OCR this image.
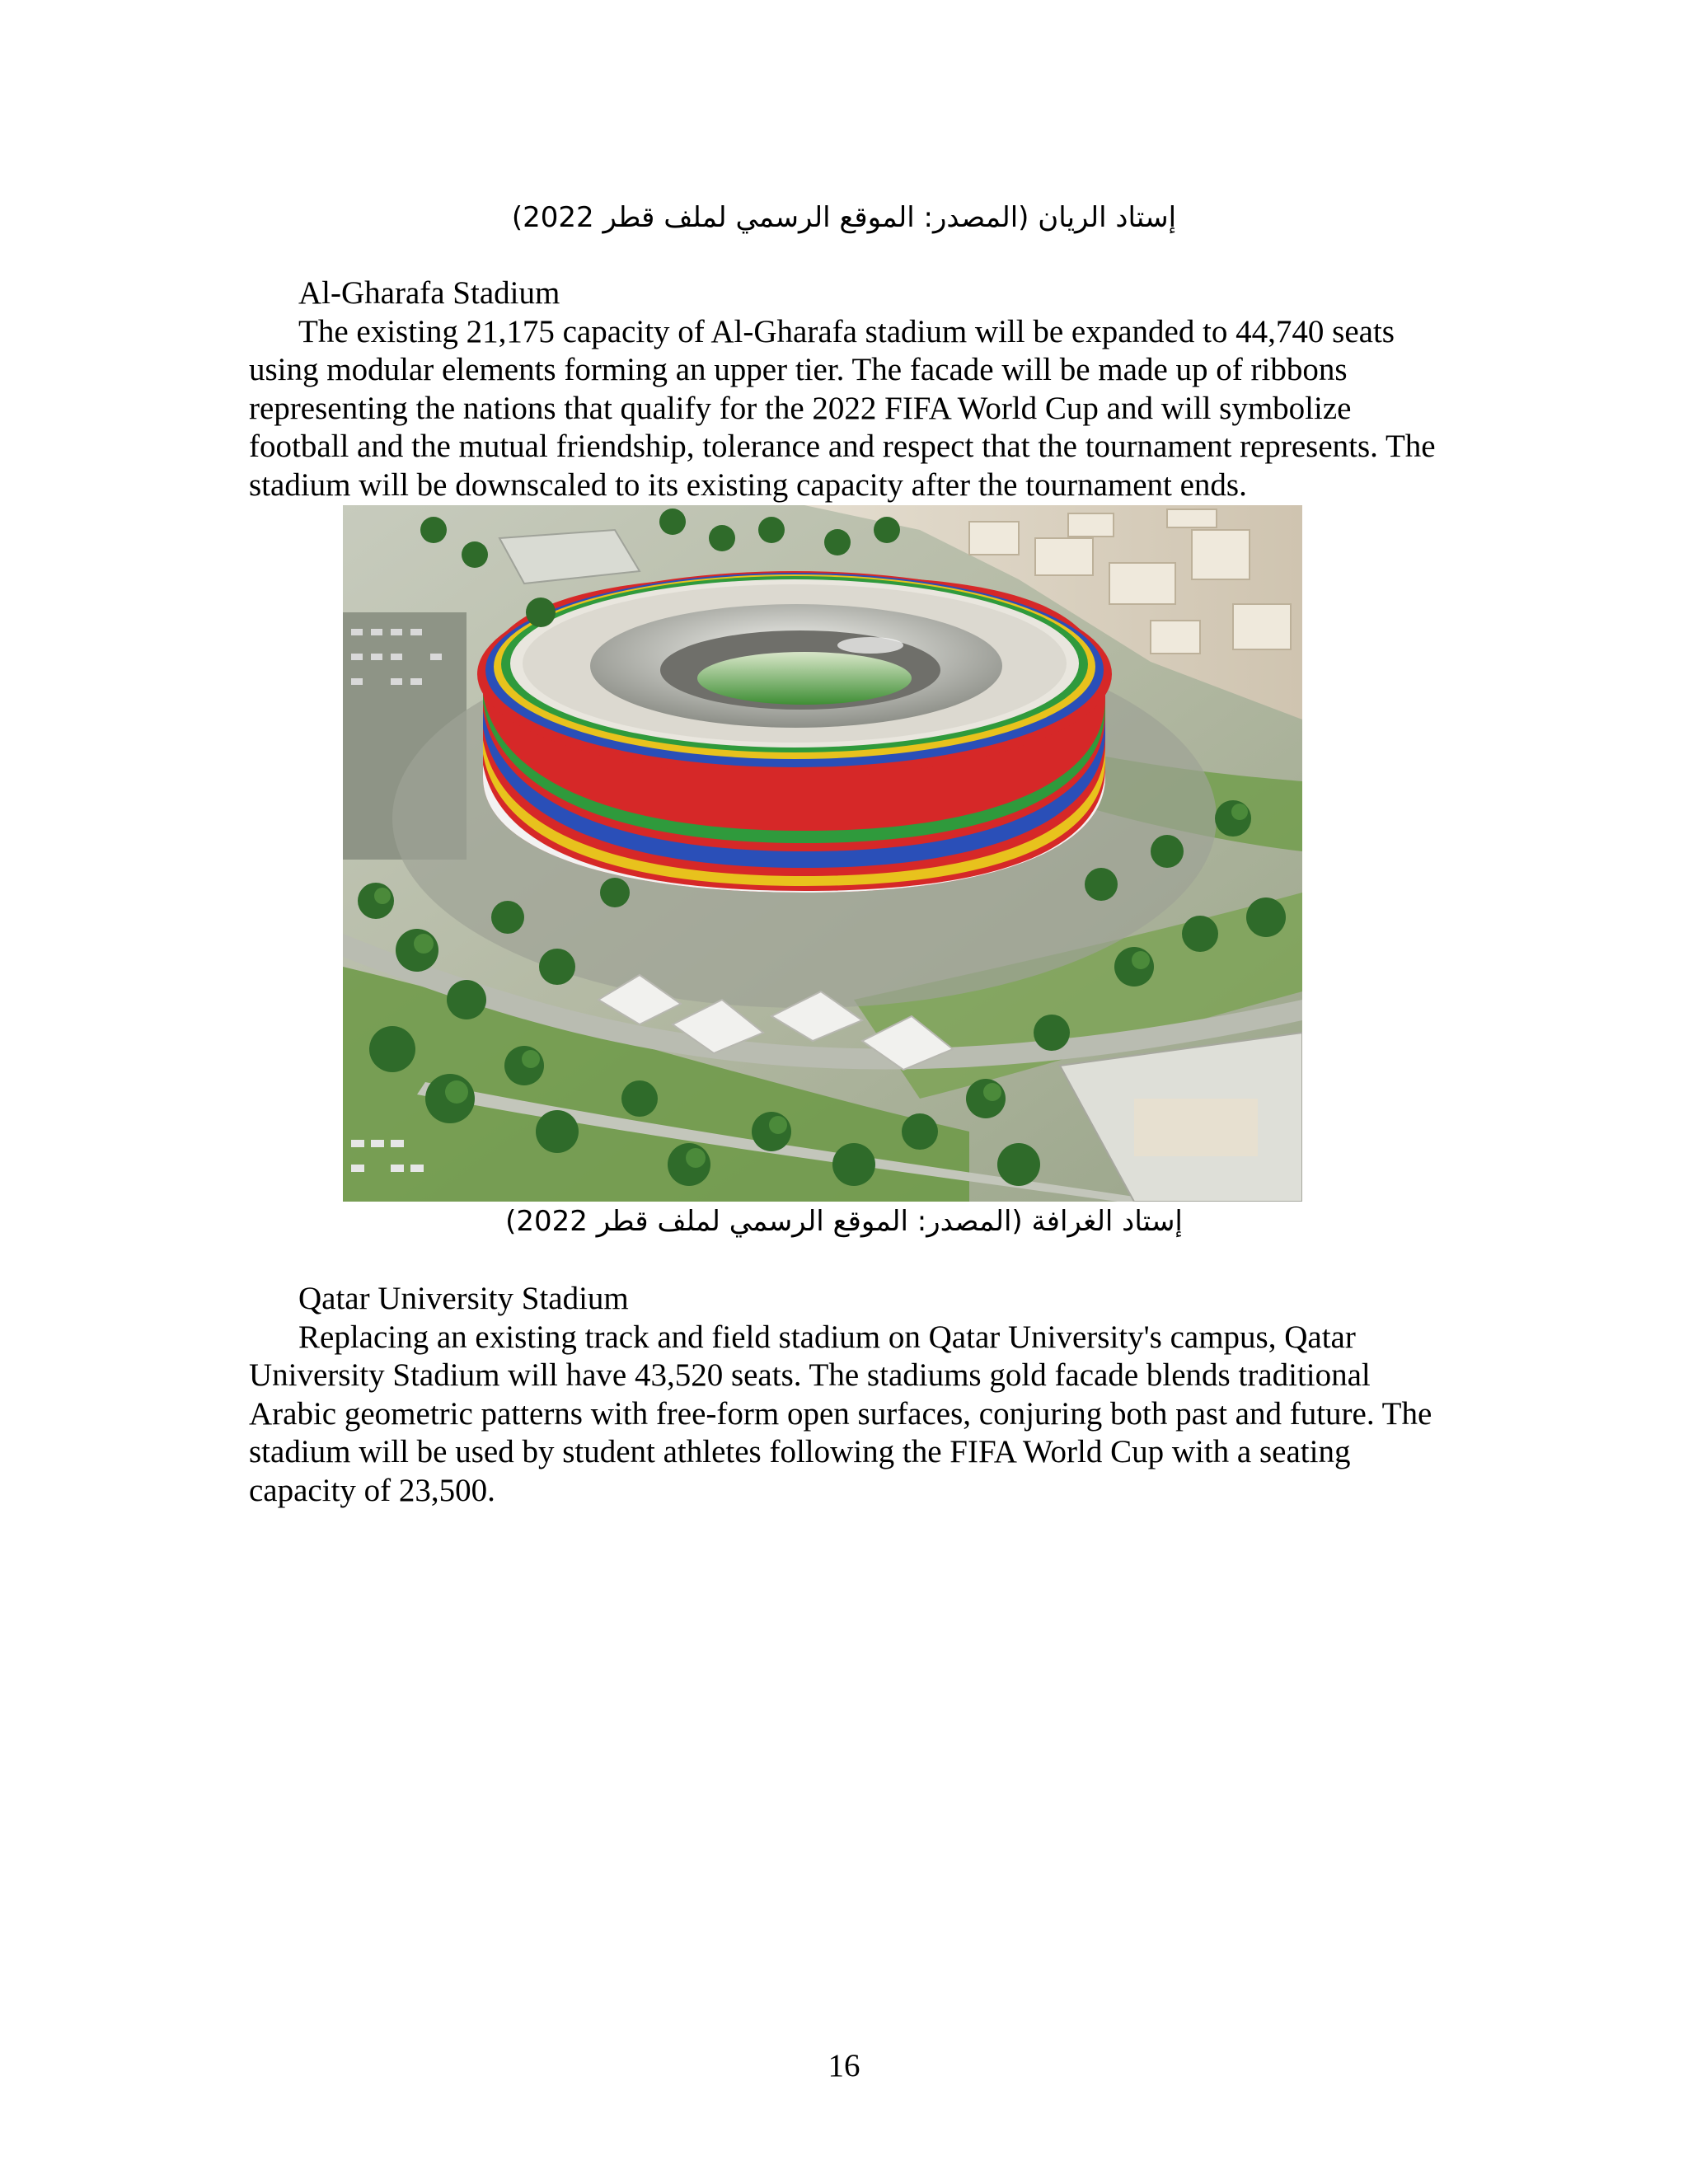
إستاد الريان (المصدر: الموقع الرسمي لملف قطر 2022)
Al-Gharafa Stadium

The existing 21,175 capacity of Al-Gharafa stadium will be expanded to 44,740 seats using modular elements forming an upper tier. The facade will be made up of ribbons representing the nations that qualify for the 2022 FIFA World Cup and will symbolize football and the mutual friendship, tolerance and respect that the tournament represents. The stadium will be downscaled to its existing capacity after the tournament ends.

إستاد الغرافة (المصدر: الموقع الرسمي لملف قطر 2022)
Qatar University Stadium

Replacing an existing track and field stadium on Qatar University's campus, Qatar University Stadium will have 43,520 seats. The stadiums gold facade blends traditional Arabic geometric patterns with free-form open surfaces, conjuring both past and future. The stadium will be used by student athletes following the FIFA World Cup with a seating capacity of 23,500.

16
